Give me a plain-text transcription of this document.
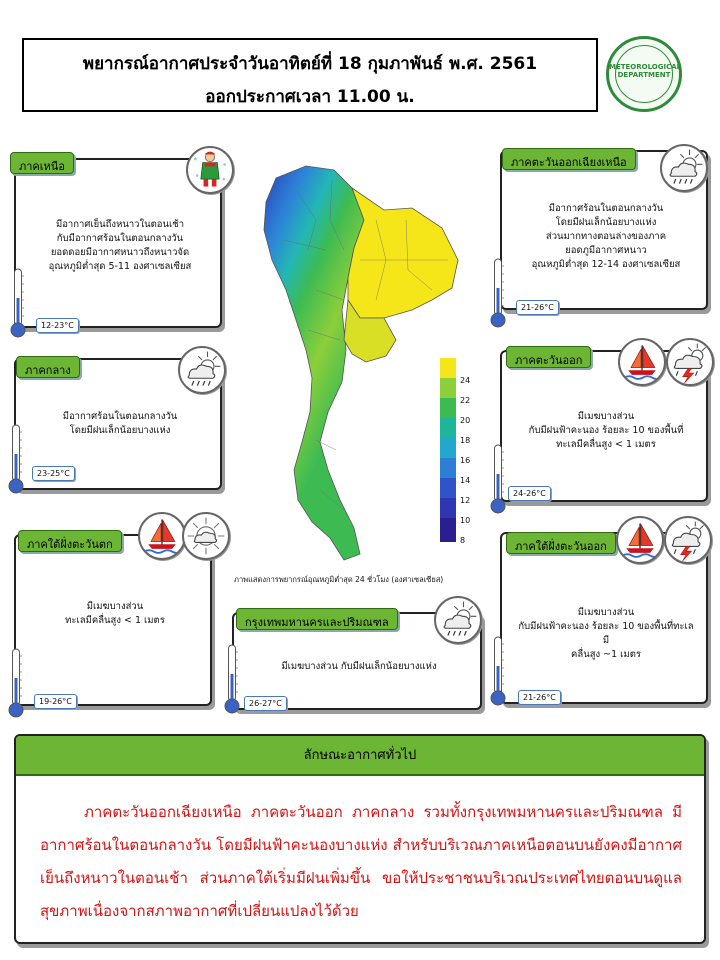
พยากรณ์อากาศประจำวันอาทิตย์ที่ 18 กุมภาพันธ์ พ.ศ. 2561
ออกประกาศเวลา 11.00 น.
METEOROLOGICAL DEPARTMENT
มีอากาศเย็นถึงหนาวในตอนเช้า
กับมีอากาศร้อนในตอนกลางวัน
ยอดดอยมีอากาศหนาวถึงหนาวจัด
อุณหภูมิต่ำสุด 5-11 องศาเซลเซียส
ภาคเหนือ
12-23°C
มีอากาศร้อนในตอนกลางวัน
โดยมีฝนเล็กน้อยบางแห่ง
ส่วนมากทางตอนล่างของภาค
ยอดภูมีอากาศหนาว
อุณหภูมิต่ำสุด 12-14 องศาเซลเซียส
ภาคตะวันออกเฉียงเหนือ
21-26°C
มีอากาศร้อนในตอนกลางวัน
โดยมีฝนเล็กน้อยบางแห่ง
ภาคกลาง
23-25°C
มีเมฆบางส่วน
กับมีฝนฟ้าคะนอง ร้อยละ 10 ของพื้นที่
ทะเลมีคลื่นสูง < 1 เมตร
ภาคตะวันออก
24-26°C
มีเมฆบางส่วน
ทะเลมีคลื่นสูง < 1 เมตร
ภาคใต้ฝั่งตะวันตก
19-26°C
มีเมฆบางส่วน กับมีฝนเล็กน้อยบางแห่ง
กรุงเทพมหานครและปริมณฑล
26-27°C
มีเมฆบางส่วน
กับมีฝนฟ้าคะนอง ร้อยละ 10 ของพื้นที่ทะเลมี
คลื่นสูง ~1 เมตร
ภาคใต้ฝั่งตะวันออก
21-26°C
24
22
20
18
16
14
12
10
8
ภาพแสดงการพยากรณ์อุณหภูมิต่ำสุด 24 ชั่วโมง (องศาเซลเซียส)
ลักษณะอากาศทั่วไป
ภาคตะวันออกเฉียงเหนือ ภาคตะวันออก ภาคกลาง รวมทั้งกรุงเทพมหานครและปริมณฑล มีอากาศร้อนในตอนกลางวัน โดยมีฝนฟ้าคะนองบางแห่ง สำหรับบริเวณภาคเหนือตอนบนยังคงมีอากาศเย็นถึงหนาวในตอนเช้า ส่วนภาคใต้เริ่มมีฝนเพิ่มขึ้น ขอให้ประชาชนบริเวณประเทศไทยตอนบนดูแลสุขภาพเนื่องจากสภาพอากาศที่เปลี่ยนแปลงไว้ด้วย
